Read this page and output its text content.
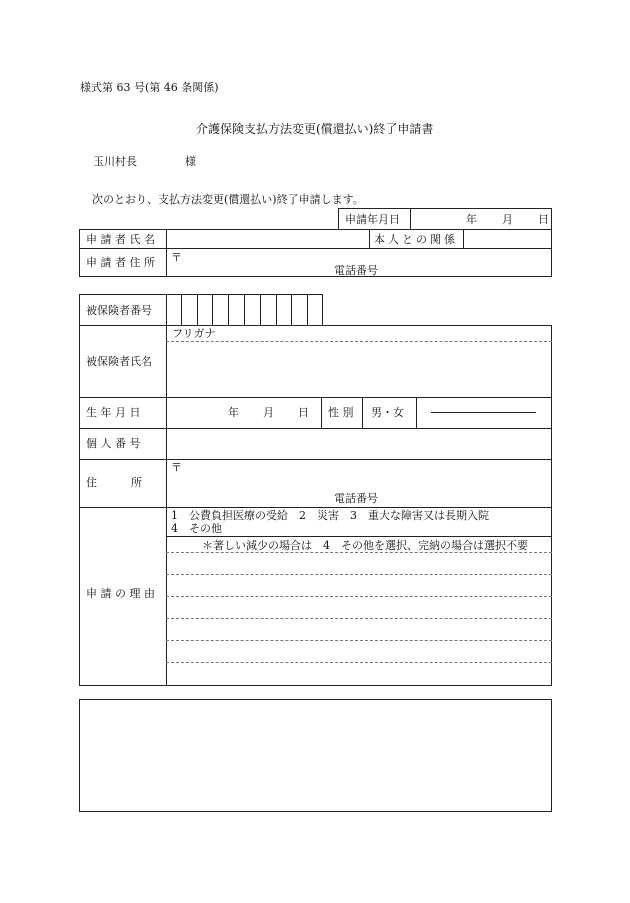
様式第 63 号(第 46 条関係)
介護保険支払方法変更(償還払い)終了申請書
玉川村長	様
次のとおり、支払方法変更(償還払い)終了申請します。
申請年月日	年 月 日
申 請 者 氏 名	本人との関係
申 請 者 住 所 〒
電話番号
被保険者番号
フリガナ
被保険者氏名
生 年 月 日	年 月 日 性 別 男・女
個 人 番 号
住　　所
〒
電話番号
申 請 の 理 由
1　公費負担医療の受給　2　災害　3　重大な障害又は長期入院
4　その他
＊著しい減少の場合は　4　その他を選択、完納の場合は選択不要
